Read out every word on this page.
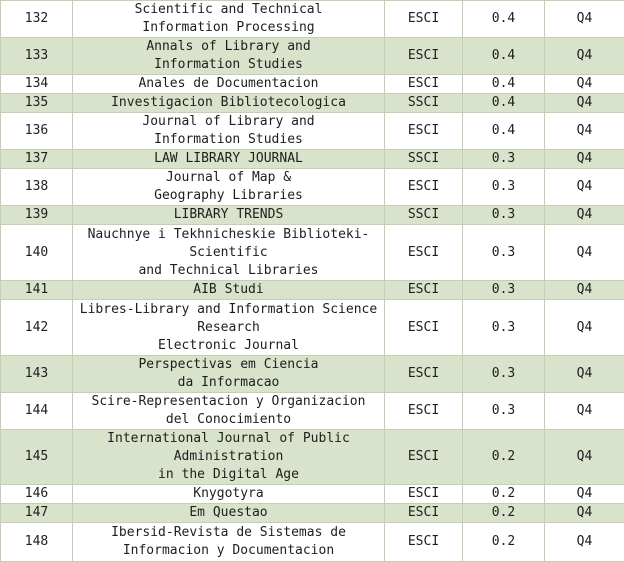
132	Scientific and Technical
Information Processing	ESCI	0.4	Q4
133	Annals of Library and
Information Studies	ESCI	0.4	Q4
134	Anales de Documentacion	ESCI	0.4	Q4
135	Investigacion Bibliotecologica	SSCI	0.4	Q4
136	Journal of Library and
Information Studies	ESCI	0.4	Q4
137	LAW LIBRARY JOURNAL	SSCI	0.3	Q4
138	Journal of Map &
Geography Libraries	ESCI	0.3	Q4
139	LIBRARY TRENDS	SSCI	0.3	Q4
140	Nauchnye i Tekhnicheskie Biblioteki-
Scientific
and Technical Libraries	ESCI	0.3	Q4
141	AIB Studi	ESCI	0.3	Q4
142	Libres-Library and Information Science
Research
Electronic Journal	ESCI	0.3	Q4
143	Perspectivas em Ciencia
da Informacao	ESCI	0.3	Q4
144	Scire-Representacion y Organizacion
del Conocimiento	ESCI	0.3	Q4
145	International Journal of Public
Administration
in the Digital Age	ESCI	0.2	Q4
146	Knygotyra	ESCI	0.2	Q4
147	Em Questao	ESCI	0.2	Q4
148	Ibersid-Revista de Sistemas de
Informacion y Documentacion	ESCI	0.2	Q4
